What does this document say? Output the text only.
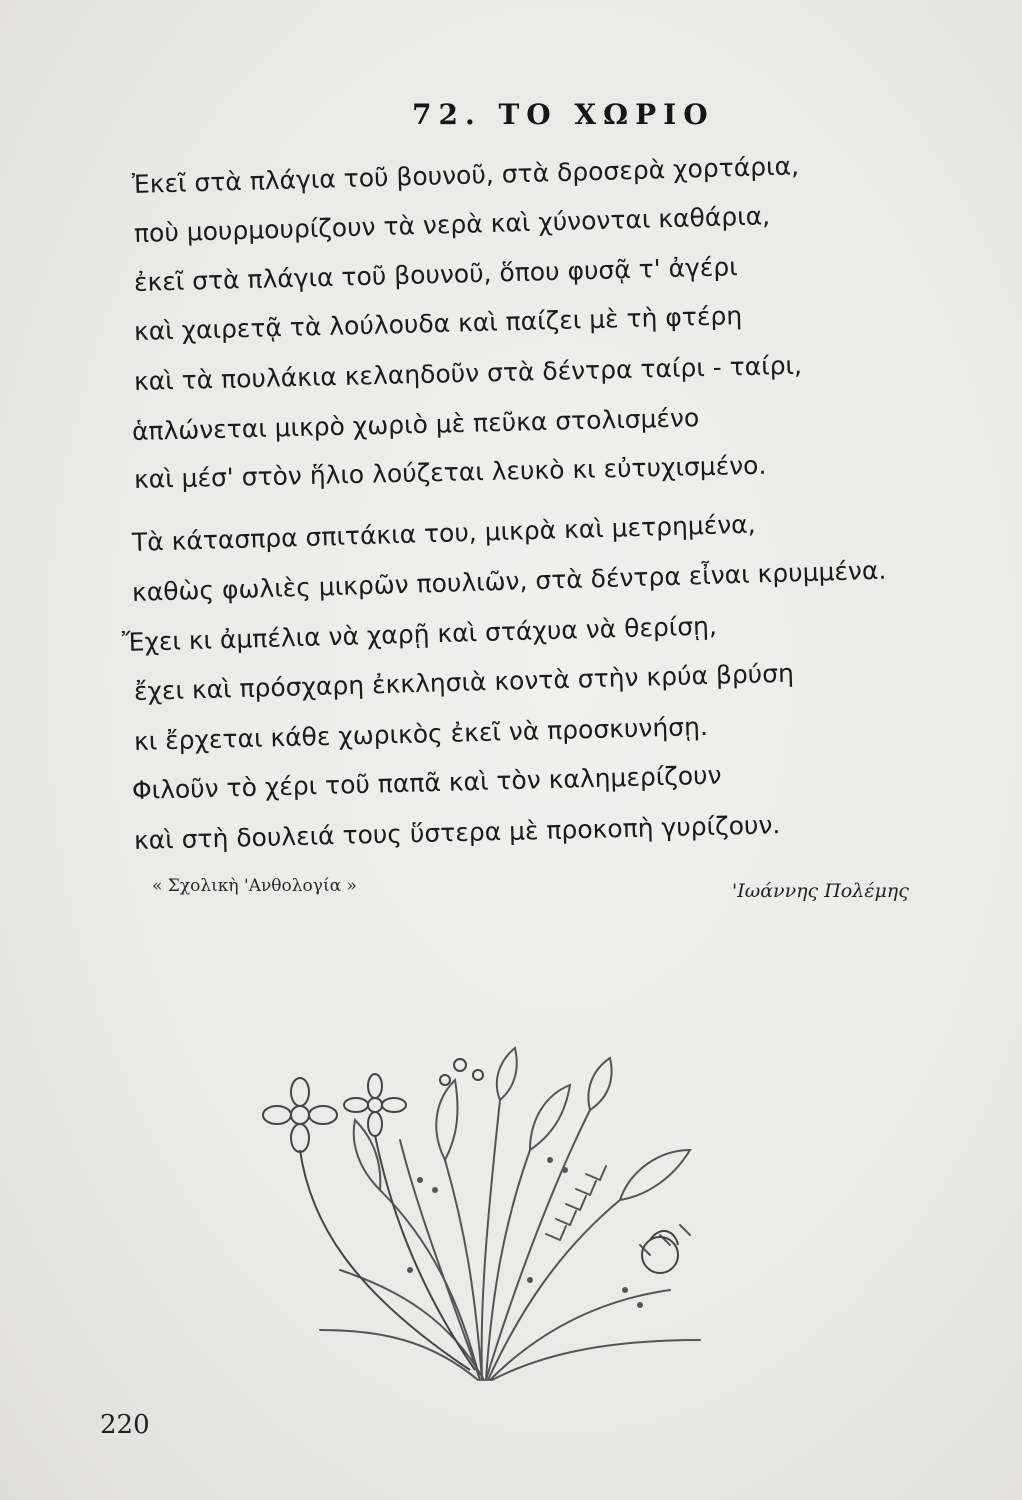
72. ΤΟ ΧΩΡΙΟ
Ἐκεῖ στὰ πλάγια τοῦ βουνοῦ, στὰ δροσερὰ χορτάρια,
ποὺ μουρμουρίζουν τὰ νερὰ καὶ χύνονται καθάρια,
ἐκεῖ στὰ πλάγια τοῦ βουνοῦ, ὅπου φυσᾷ τ' ἀγέρι
καὶ χαιρετᾷ τὰ λούλουδα καὶ παίζει μὲ τὴ φτέρη
καὶ τὰ πουλάκια κελαηδοῦν στὰ δέντρα ταίρι - ταίρι,
ἁπλώνεται μικρὸ χωριὸ μὲ πεῦκα στολισμένο
καὶ μέσ' στὸν ἥλιο λούζεται λευκὸ κι εὐτυχισμένο.
Τὰ κάτασπρα σπιτάκια του, μικρὰ καὶ μετρημένα,
καθὼς φωλιὲς μικρῶν πουλιῶν, στὰ δέντρα εἶναι κρυμμένα.
Ἔχει κι ἀμπέλια νὰ χαρῇ καὶ στάχυα νὰ θερίσῃ,
ἔχει καὶ πρόσχαρη ἐκκλησιὰ κοντὰ στὴν κρύα βρύση
κι ἔρχεται κάθε χωρικὸς ἐκεῖ νὰ προσκυνήσῃ.
Φιλοῦν τὸ χέρι τοῦ παπᾶ καὶ τὸν καλημερίζουν
καὶ στὴ δουλειά τους ὕστερα μὲ προκοπὴ γυρίζουν.
« Σχολικὴ 'Ανθολογία »	'Ιωάννης Πολέμης
220
